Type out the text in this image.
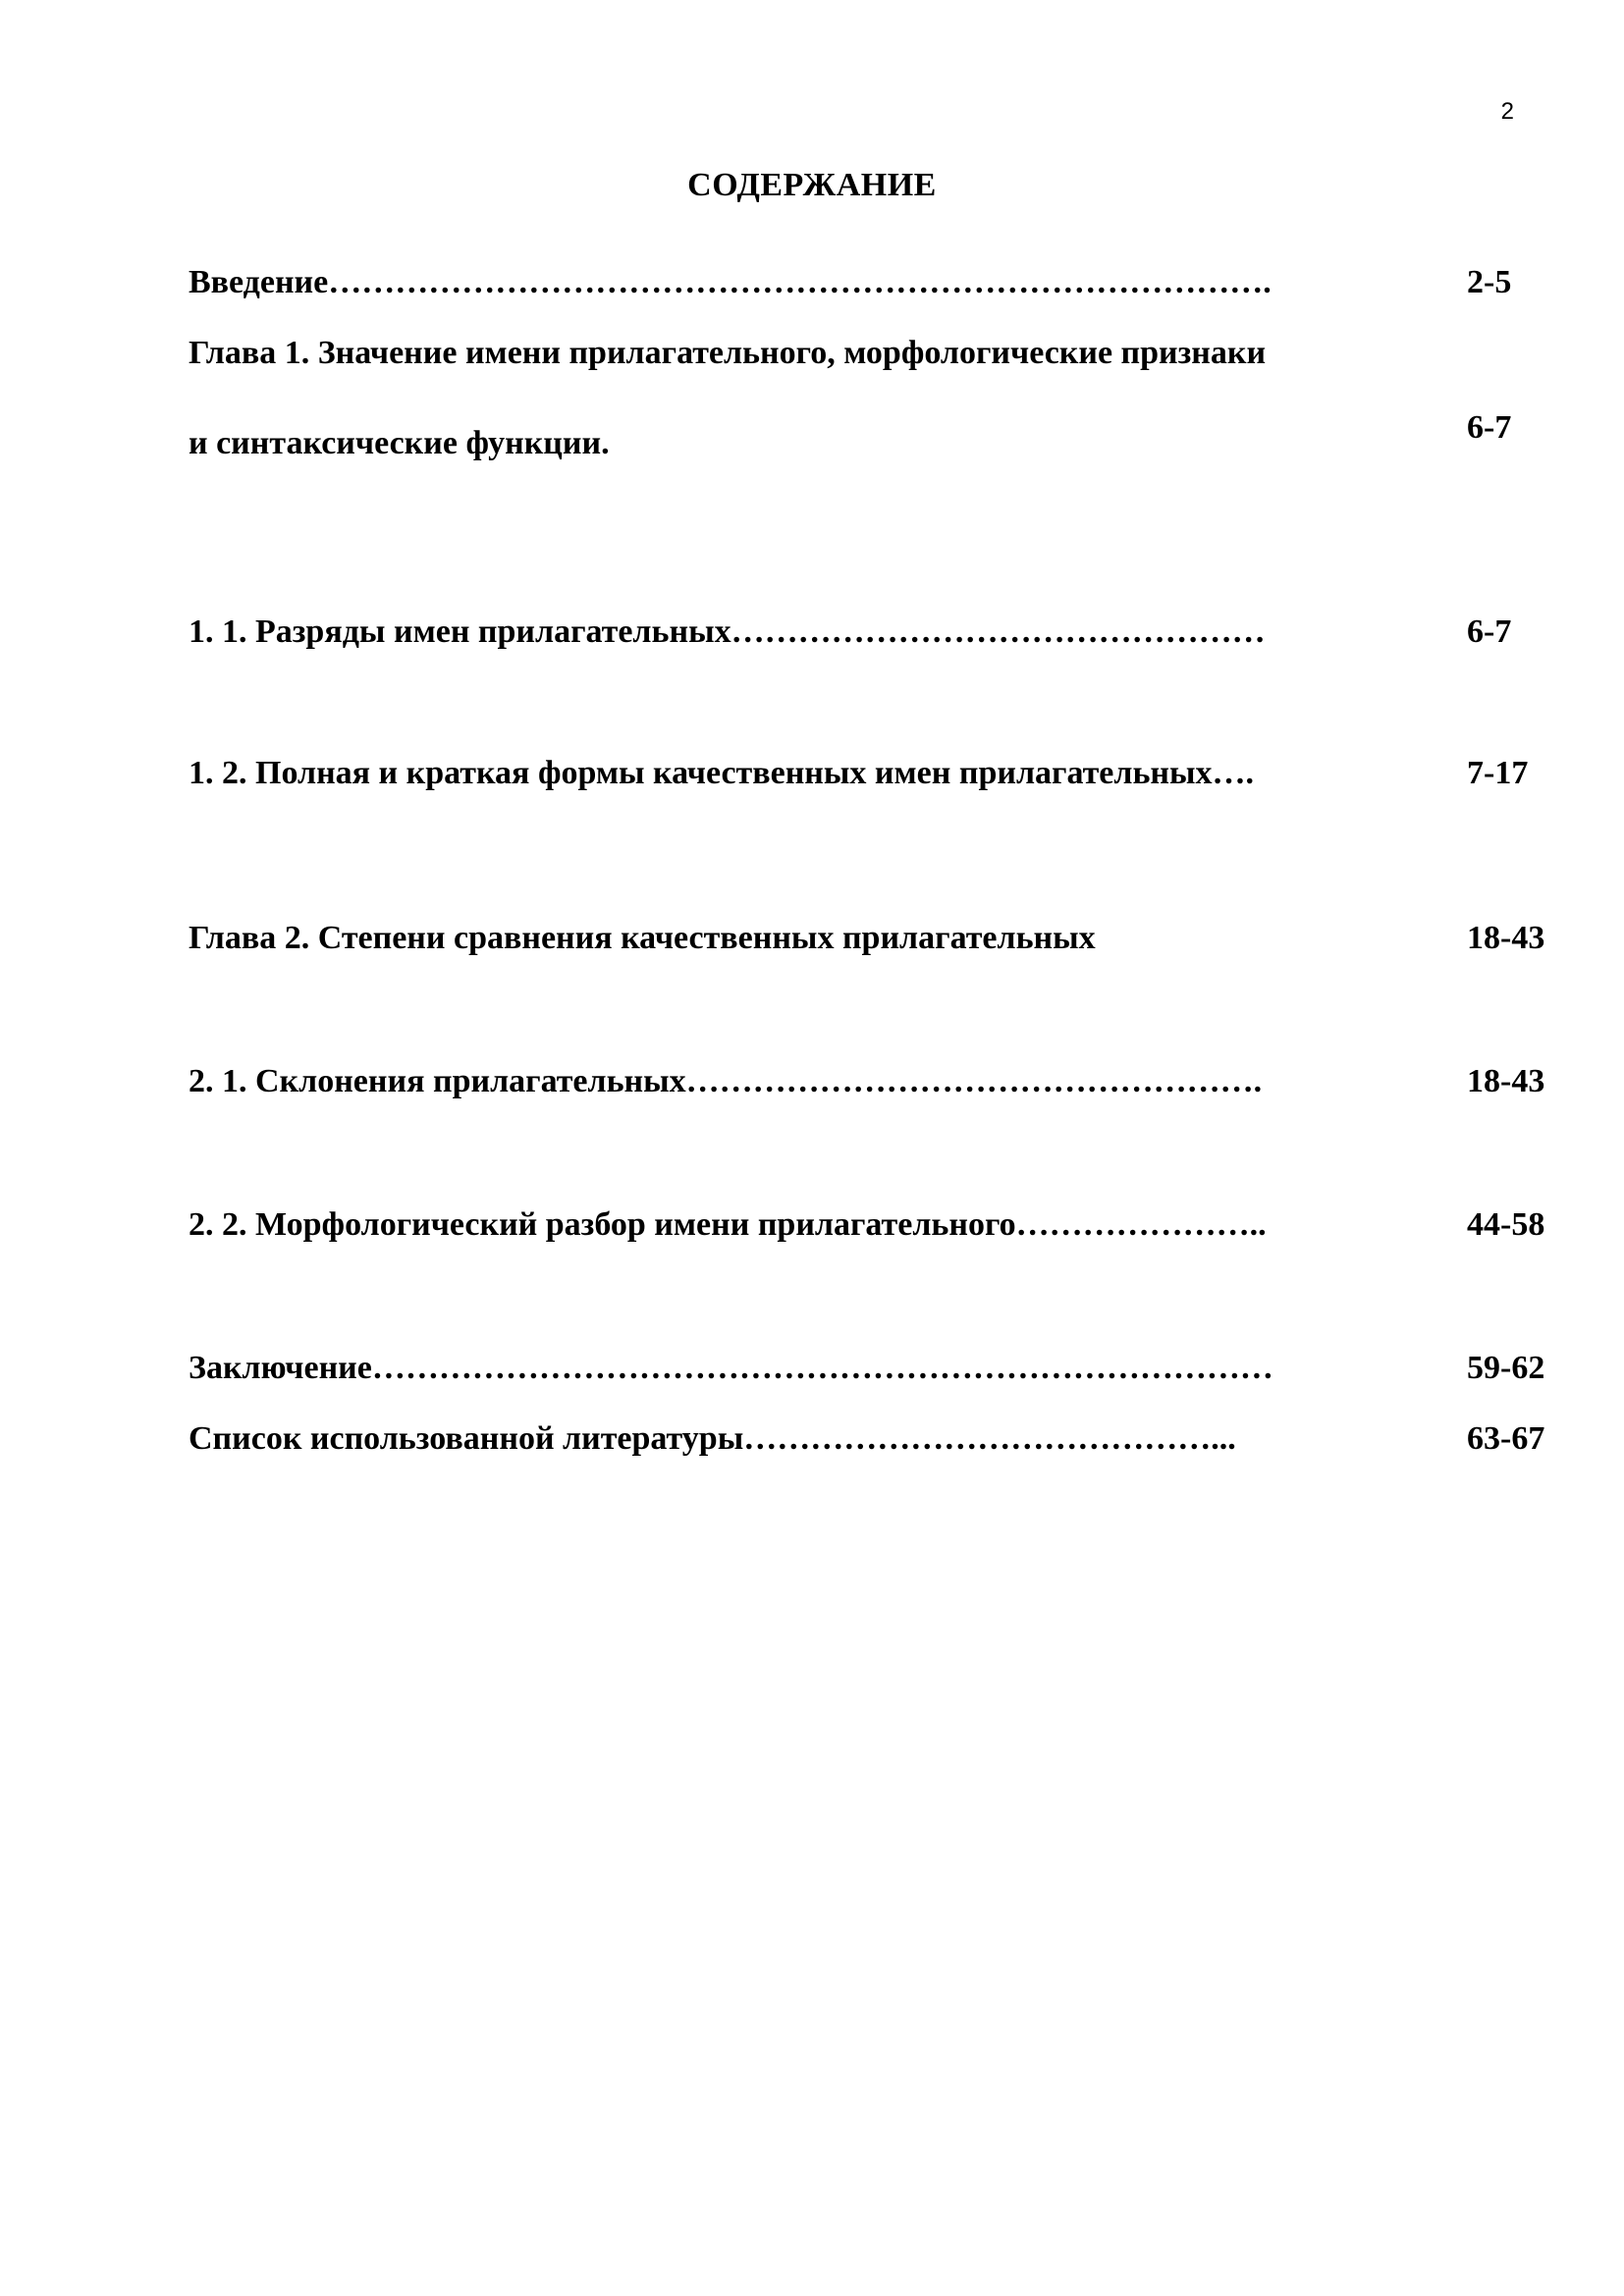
2
СОДЕРЖАНИЕ
Введение………………………………………………………………………….	2-5
Глава 1. Значение имени прилагательного, морфологические признаки
и синтаксические функции.	6-7
1. 1. Разряды имен прилагательных…………………………………………	6-7
1. 2. Полная и краткая формы качественных имен прилагательных….	7-17
Глава 2. Степени сравнения качественных прилагательных	18-43
2. 1. Склонения прилагательных…………………………………………….	18-43
2. 2. Морфологический разбор имени прилагательного…………………..	44-58
Заключение………………………………………………………………………	59-62
Список использованной литературы……………………………………...	63-67
